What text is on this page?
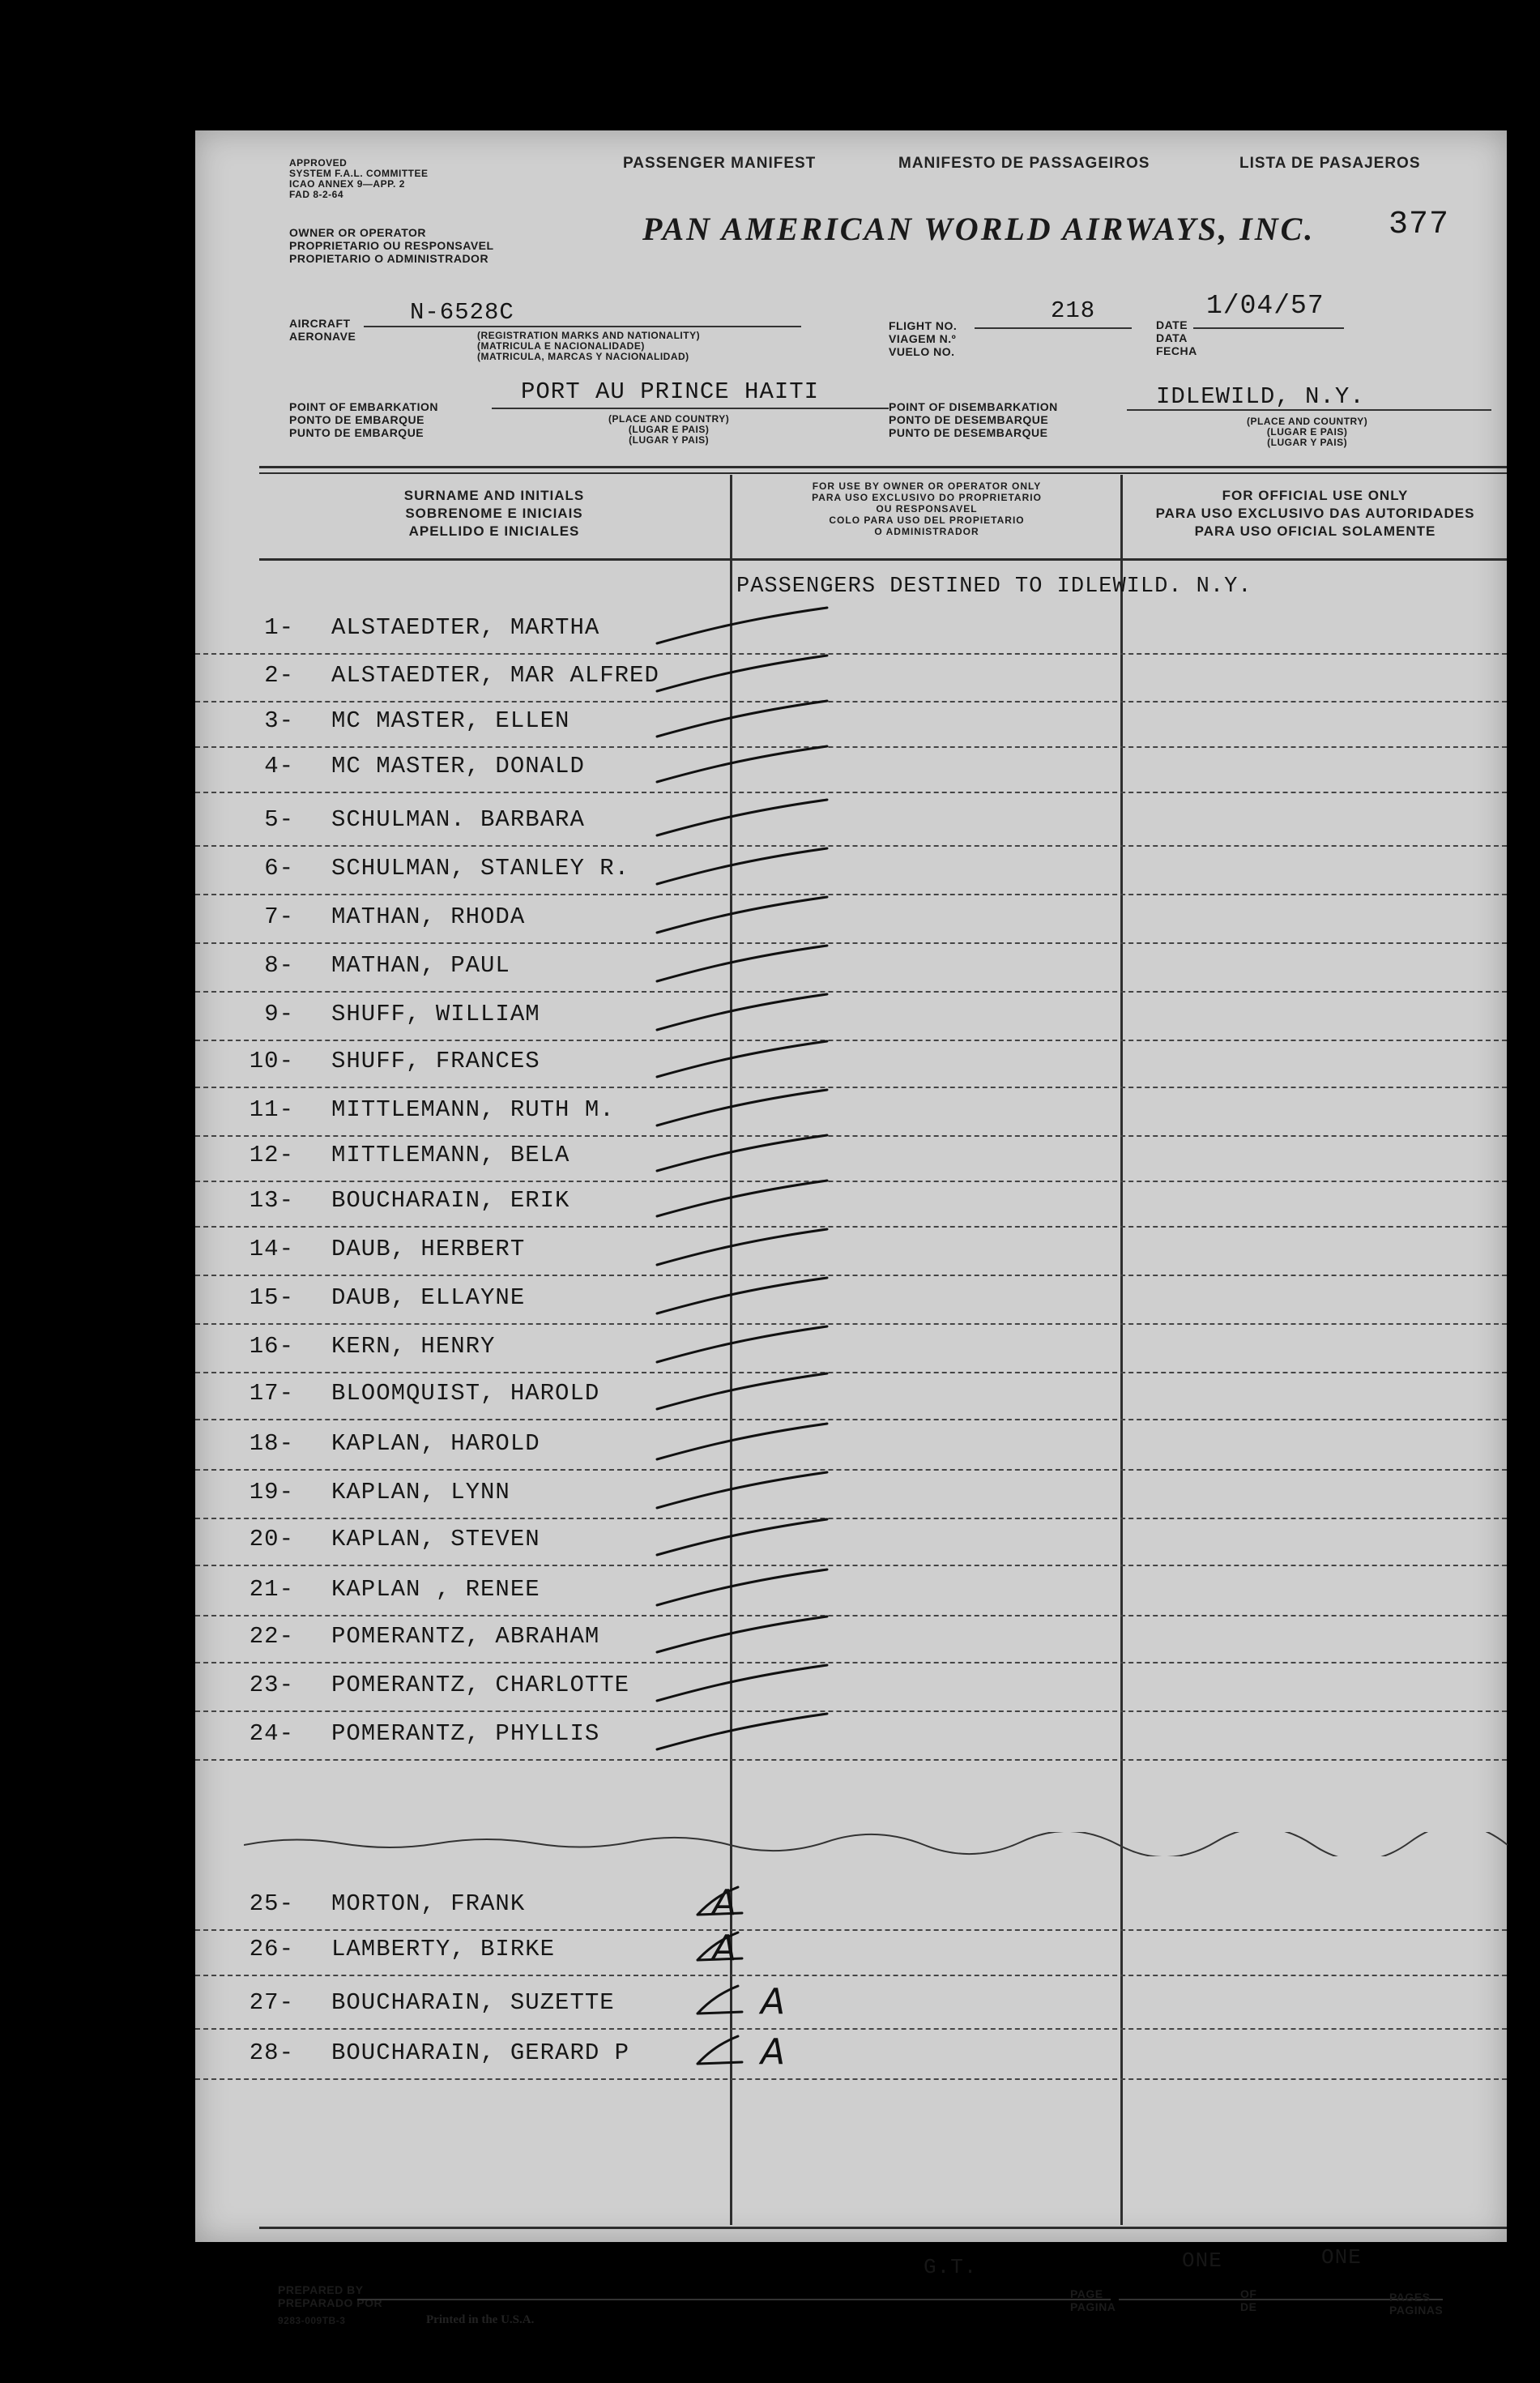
APPROVED
SYSTEM F.A.L. COMMITTEE
ICAO ANNEX 9—APP. 2
FAD 8-2-64
OWNER OR OPERATOR
PROPRIETARIO OU RESPONSAVEL
PROPIETARIO O ADMINISTRADOR
PASSENGER MANIFEST	MANIFESTO DE PASSAGEIROS	LISTA DE PASAJEROS
PAN AMERICAN WORLD AIRWAYS, INC. 377
AIRCRAFT
AERONAVE
N-6528C
(REGISTRATION MARKS AND NATIONALITY)
(MATRICULA E NACIONALIDADE)
(MATRICULA, MARCAS Y NACIONALIDAD)
FLIGHT NO.
VIAGEM N.º
VUELO NO.
218
DATE
DATA
FECHA
1/04/57
POINT OF EMBARKATION
PONTO DE EMBARQUE
PUNTO DE EMBARQUE
PORT AU PRINCE HAITI
(PLACE AND COUNTRY)
(LUGAR E PAIS)
(LUGAR Y PAIS)
POINT OF DISEMBARKATION
PONTO DE DESEMBARQUE
PUNTO DE DESEMBARQUE
IDLEWILD, N.Y.
(PLACE AND COUNTRY)
(LUGAR E PAIS)
(LUGAR Y PAIS)
SURNAME AND INITIALS
SOBRENOME E INICIAIS
APELLIDO E INICIALES
FOR USE BY OWNER OR OPERATOR ONLY
PARA USO EXCLUSIVO DO PROPRIETARIO
OU RESPONSAVEL
COLO PARA USO DEL PROPIETARIO
O ADMINISTRADOR
FOR OFFICIAL USE ONLY
PARA USO EXCLUSIVO DAS AUTORIDADES
PARA USO OFICIAL SOLAMENTE
PASSENGERS DESTINED TO IDLEWILD. N.Y.
1- ALSTAEDTER, MARTHA
2- ALSTAEDTER, MAR ALFRED
3- MC MASTER, ELLEN
4- MC MASTER, DONALD
5- SCHULMAN. BARBARA
6- SCHULMAN, STANLEY R.
7- MATHAN, RHODA
8- MATHAN, PAUL
9- SHUFF, WILLIAM
10- SHUFF, FRANCES
11- MITTLEMANN, RUTH M.
12- MITTLEMANN, BELA
13- BOUCHARAIN, ERIK
14- DAUB, HERBERT
15- DAUB, ELLAYNE
16- KERN, HENRY
17- BLOOMQUIST, HAROLD
18- KAPLAN, HAROLD
19- KAPLAN, LYNN
20- KAPLAN, STEVEN
21- KAPLAN , RENEE
22- POMERANTZ, ABRAHAM
23- POMERANTZ, CHARLOTTE
24- POMERANTZ, PHYLLIS
25- MORTON, FRANK	A
26- LAMBERTY, BIRKE	A
27- BOUCHARAIN, SUZETTE	A
28- BOUCHARAIN, GERARD P	A
PREPARED BY
PREPARADO POR
9283-009TB-3	Printed in the U.S.A.
G.T.
PAGE
PAGINA
ONE
OF
DE
ONE
PAGES
PAGINAS
